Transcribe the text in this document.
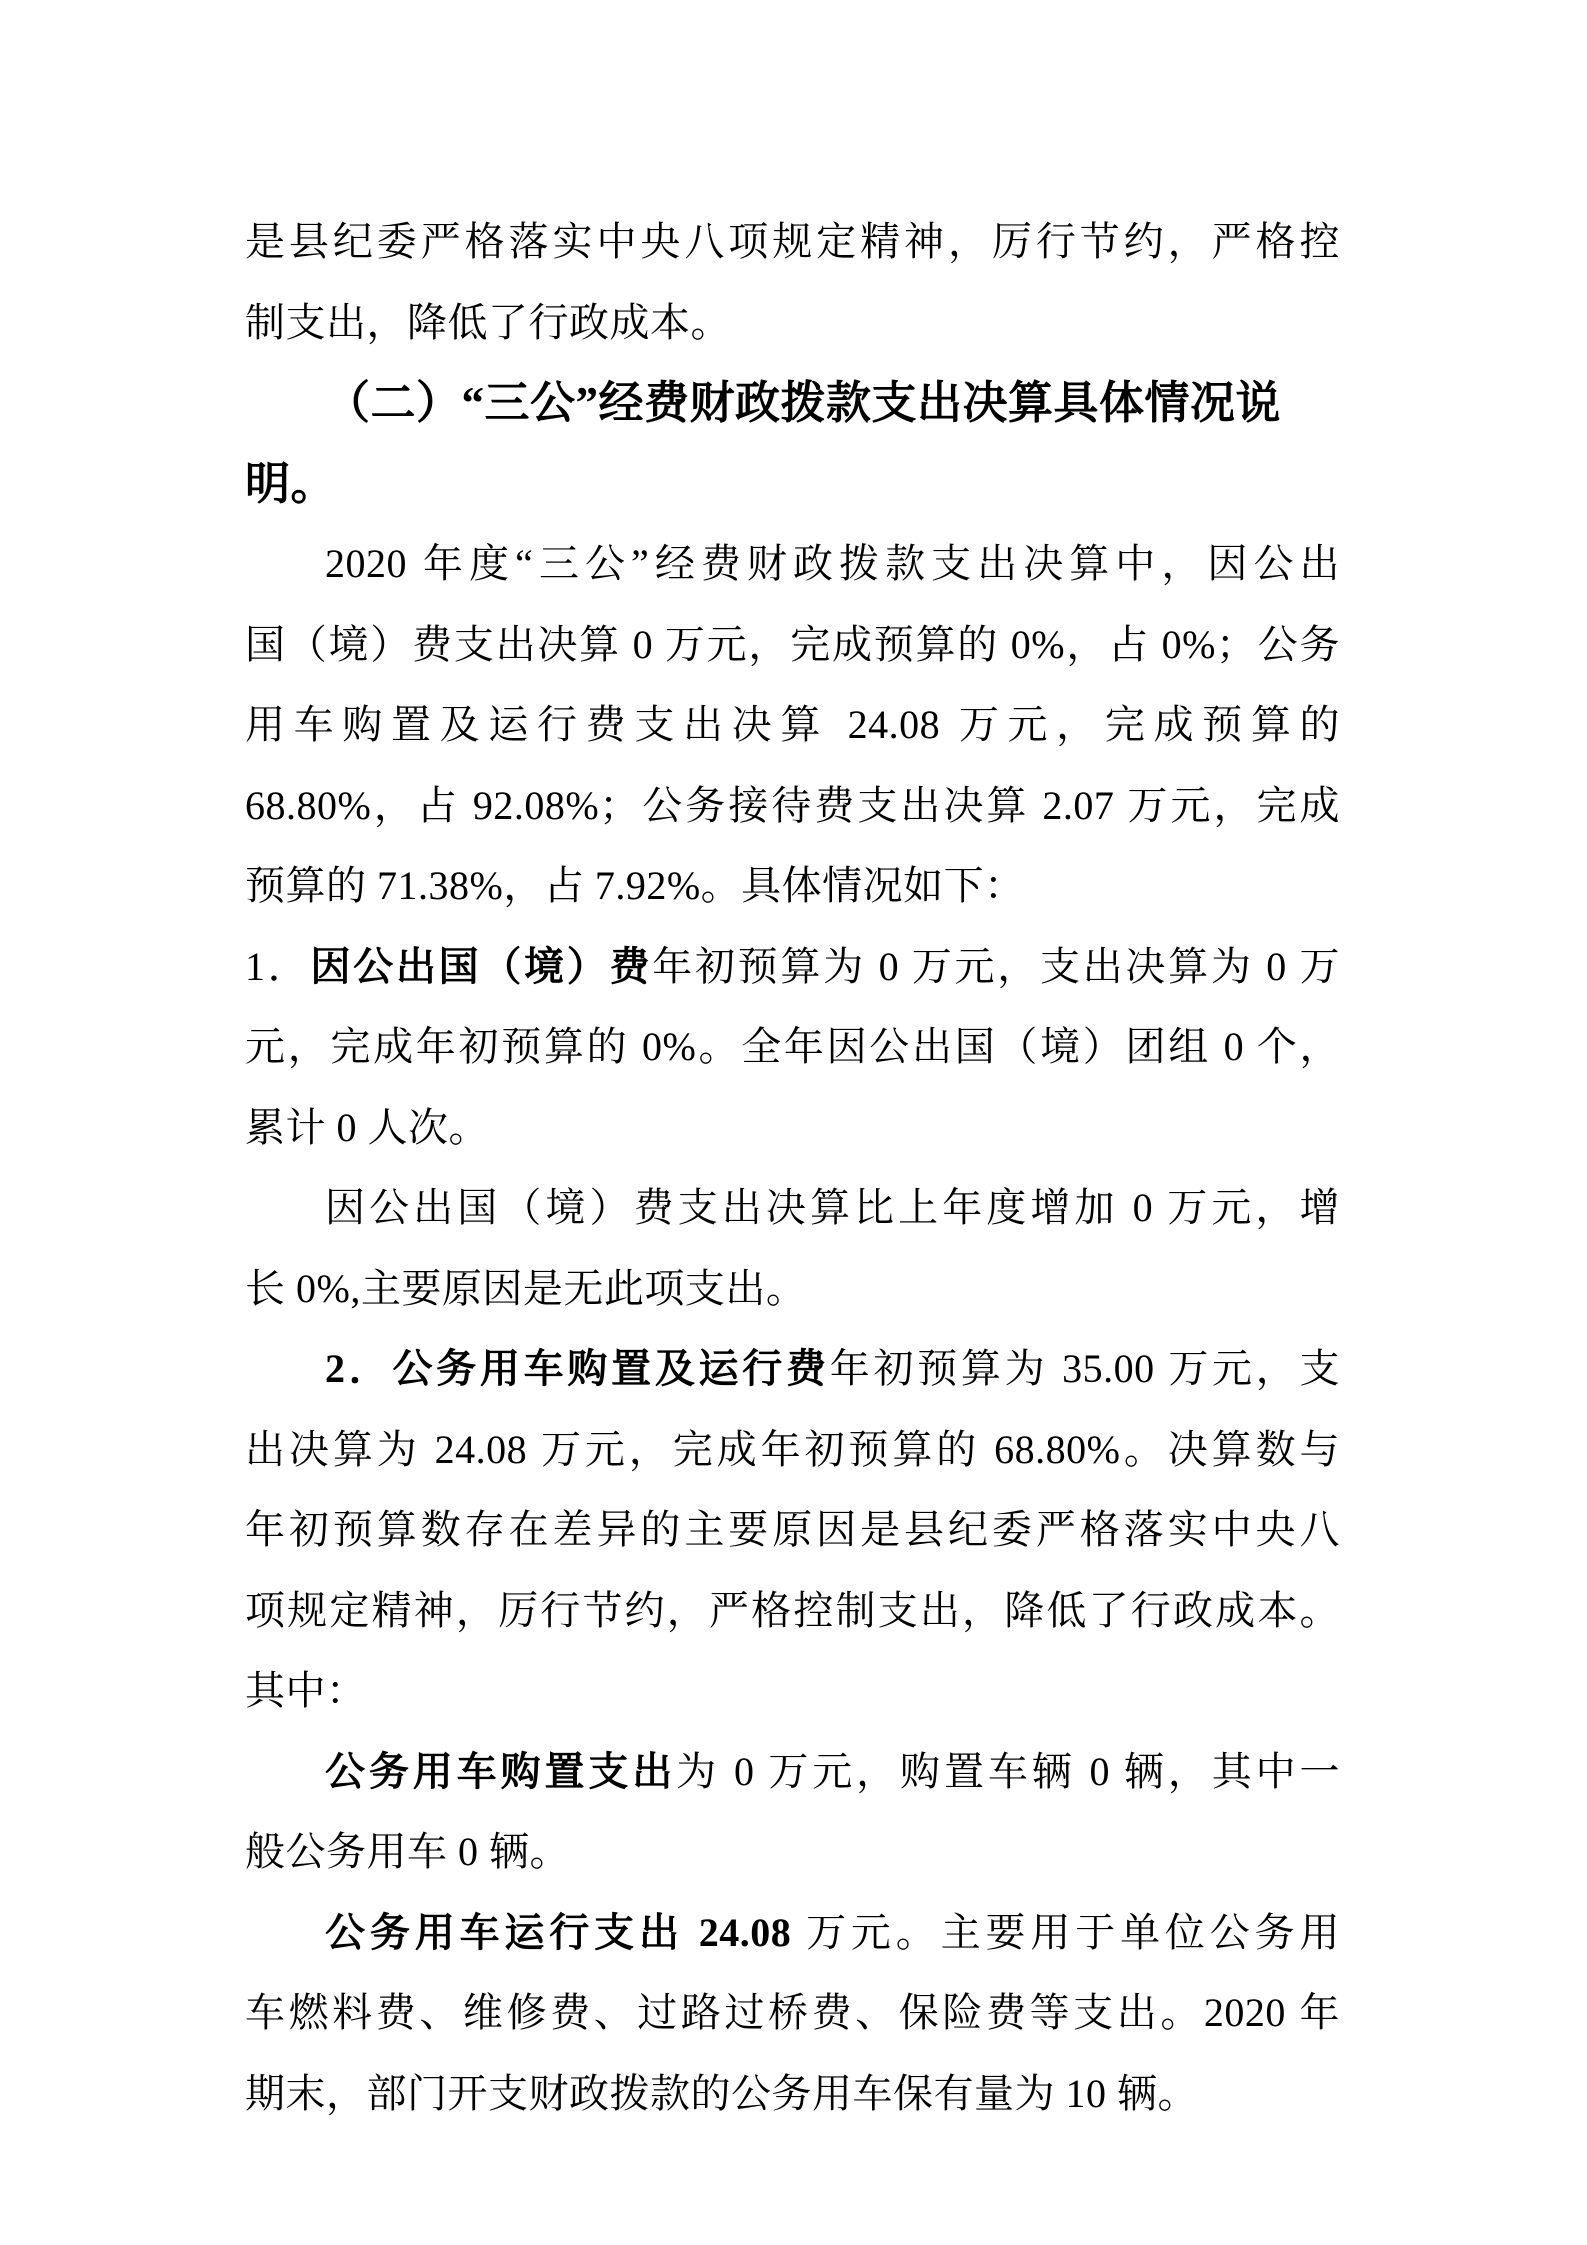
是县纪委严格落实中央八项规定精神，厉行节约，严格控
制支出，降低了行政成本。
（二）“三公”经费财政拨款支出决算具体情况说明。
2020 年度“三公”经费财政拨款支出决算中，因公出
国（境）费支出决算 0 万元，完成预算的 0%，占 0%；公务
用车购置及运行费支出决算 24.08 万元，完成预算的
68.80%，占 92.08%；公务接待费支出决算 2.07 万元，完成
预算的 71.38%，占 7.92%。具体情况如下：
1．因公出国（境）费年初预算为 0 万元，支出决算为 0 万
元，完成年初预算的 0%。全年因公出国（境）团组 0 个，
累计 0 人次。
因公出国（境）费支出决算比上年度增加 0 万元，增
长 0%,主要原因是无此项支出。
2．公务用车购置及运行费年初预算为 35.00 万元，支
出决算为 24.08 万元，完成年初预算的 68.80%。决算数与
年初预算数存在差异的主要原因是县纪委严格落实中央八
项规定精神，厉行节约，严格控制支出，降低了行政成本。
其中：
公务用车购置支出为 0 万元，购置车辆 0 辆，其中一
般公务用车 0 辆。
公务用车运行支出 24.08 万元。主要用于单位公务用
车燃料费、维修费、过路过桥费、保险费等支出。2020 年
期末，部门开支财政拨款的公务用车保有量为 10 辆。
